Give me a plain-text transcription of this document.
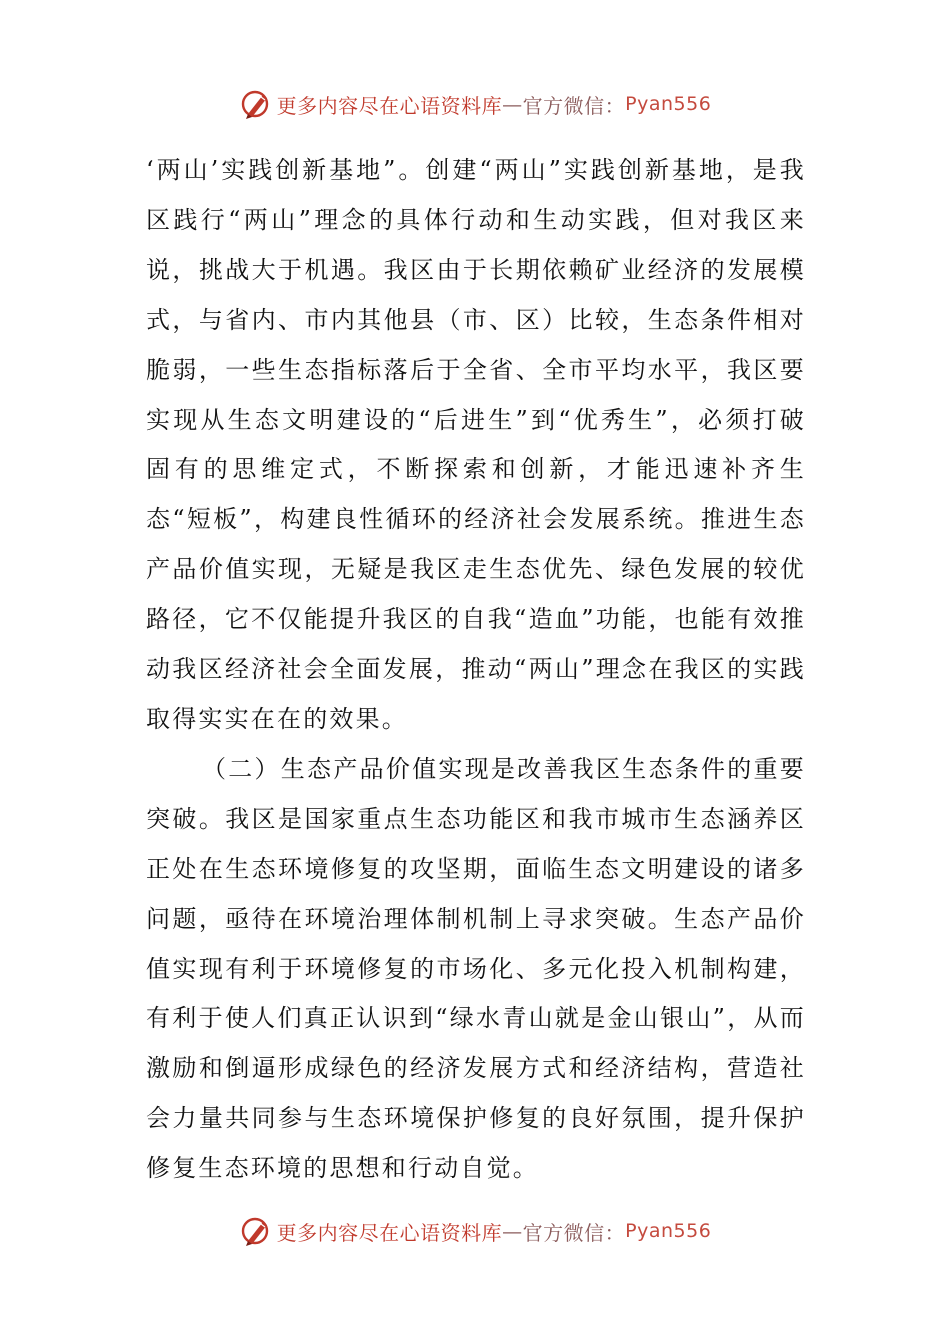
更多内容尽在心语资料库 — 官方微信： Pyan556

‘两山’实践创新基地”。创建“两山”实践创新基地，是我区践行“两山”理念的具体行动和生动实践，但对我区来说，挑战大于机遇。我区由于长期依赖矿业经济的发展模式，与省内、市内其他县（市、区）比较，生态条件相对脆弱，一些生态指标落后于全省、全市平均水平，我区要实现从生态文明建设的“后进生”到“优秀生”，必须打破固有的思维定式，不断探索和创新，才能迅速补齐生态“短板”，构建良性循环的经济社会发展系统。推进生态产品价值实现，无疑是我区走生态优先、绿色发展的较优路径，它不仅能提升我区的自我“造血”功能，也能有效推动我区经济社会全面发展，推动“两山”理念在我区的实践取得实实在在的效果。

（二）生态产品价值实现是改善我区生态条件的重要突破。我区是国家重点生态功能区和我市城市生态涵养区正处在生态环境修复的攻坚期，面临生态文明建设的诸多问题，亟待在环境治理体制机制上寻求突破。生态产品价值实现有利于环境修复的市场化、多元化投入机制构建，有利于使人们真正认识到“绿水青山就是金山银山”，从而激励和倒逼形成绿色的经济发展方式和经济结构，营造社会力量共同参与生态环境保护修复的良好氛围，提升保护修复生态环境的思想和行动自觉。

更多内容尽在心语资料库 — 官方微信： Pyan556
